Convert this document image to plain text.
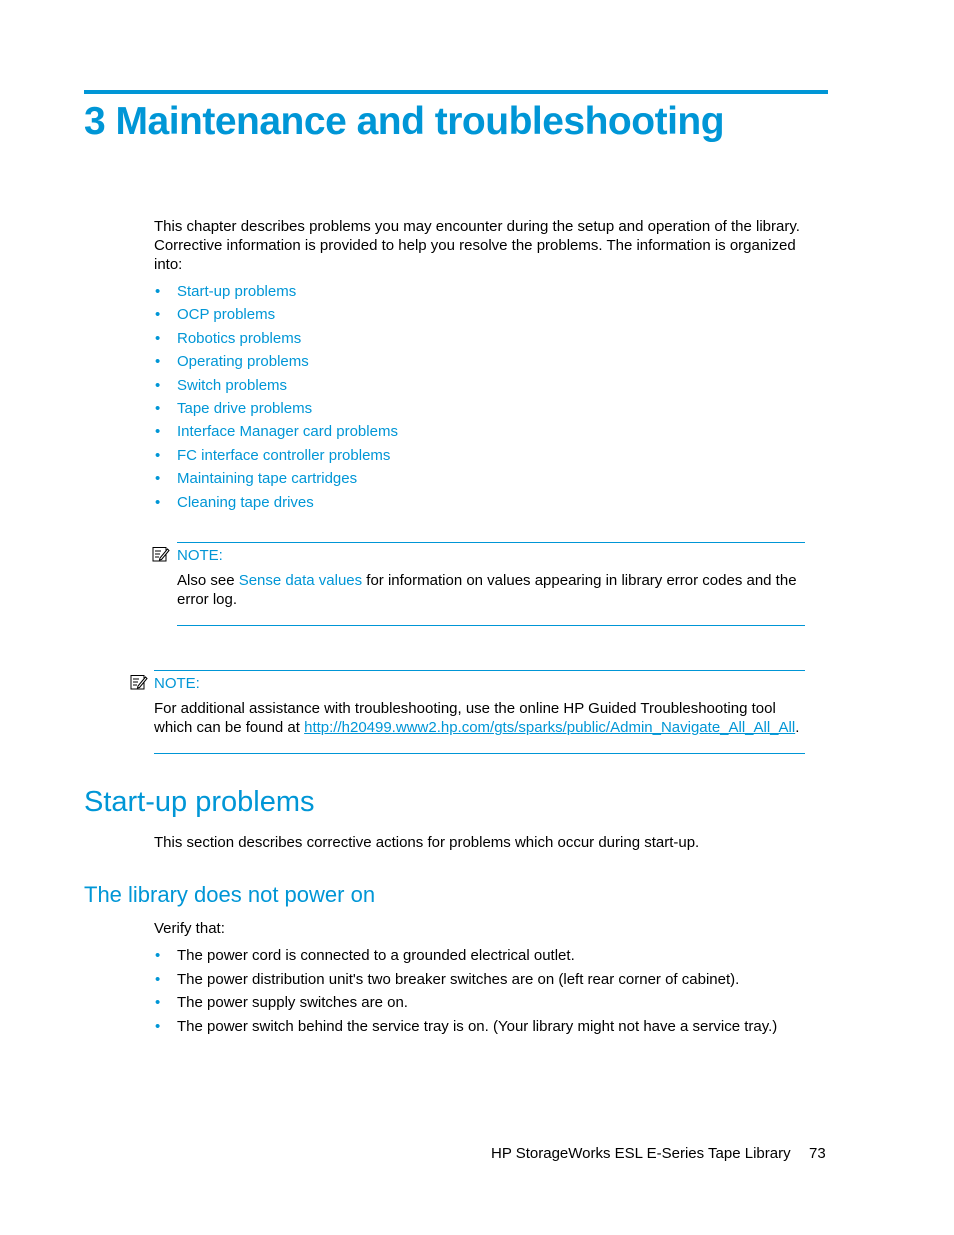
3 Maintenance and troubleshooting

This chapter describes problems you may encounter during the setup and operation of the library. Corrective information is provided to help you resolve the problems. The information is organized into:

• Start-up problems
• OCP problems
• Robotics problems
• Operating problems
• Switch problems
• Tape drive problems
• Interface Manager card problems
• FC interface controller problems
• Maintaining tape cartridges
• Cleaning tape drives
NOTE:

Also see Sense data values for information on values appearing in library error codes and the error log.

NOTE:

For additional assistance with troubleshooting, use the online HP Guided Troubleshooting tool which can be found at http://h20499.www2.hp.com/gts/sparks/public/Admin_Navigate_All_All_All.

Start-up problems

This section describes corrective actions for problems which occur during start-up.

The library does not power on

Verify that:

• The power cord is connected to a grounded electrical outlet.
• The power distribution unit's two breaker switches are on (left rear corner of cabinet).
• The power supply switches are on.
• The power switch behind the service tray is on. (Your library might not have a service tray.)
HP StorageWorks ESL E-Series Tape Library 73
